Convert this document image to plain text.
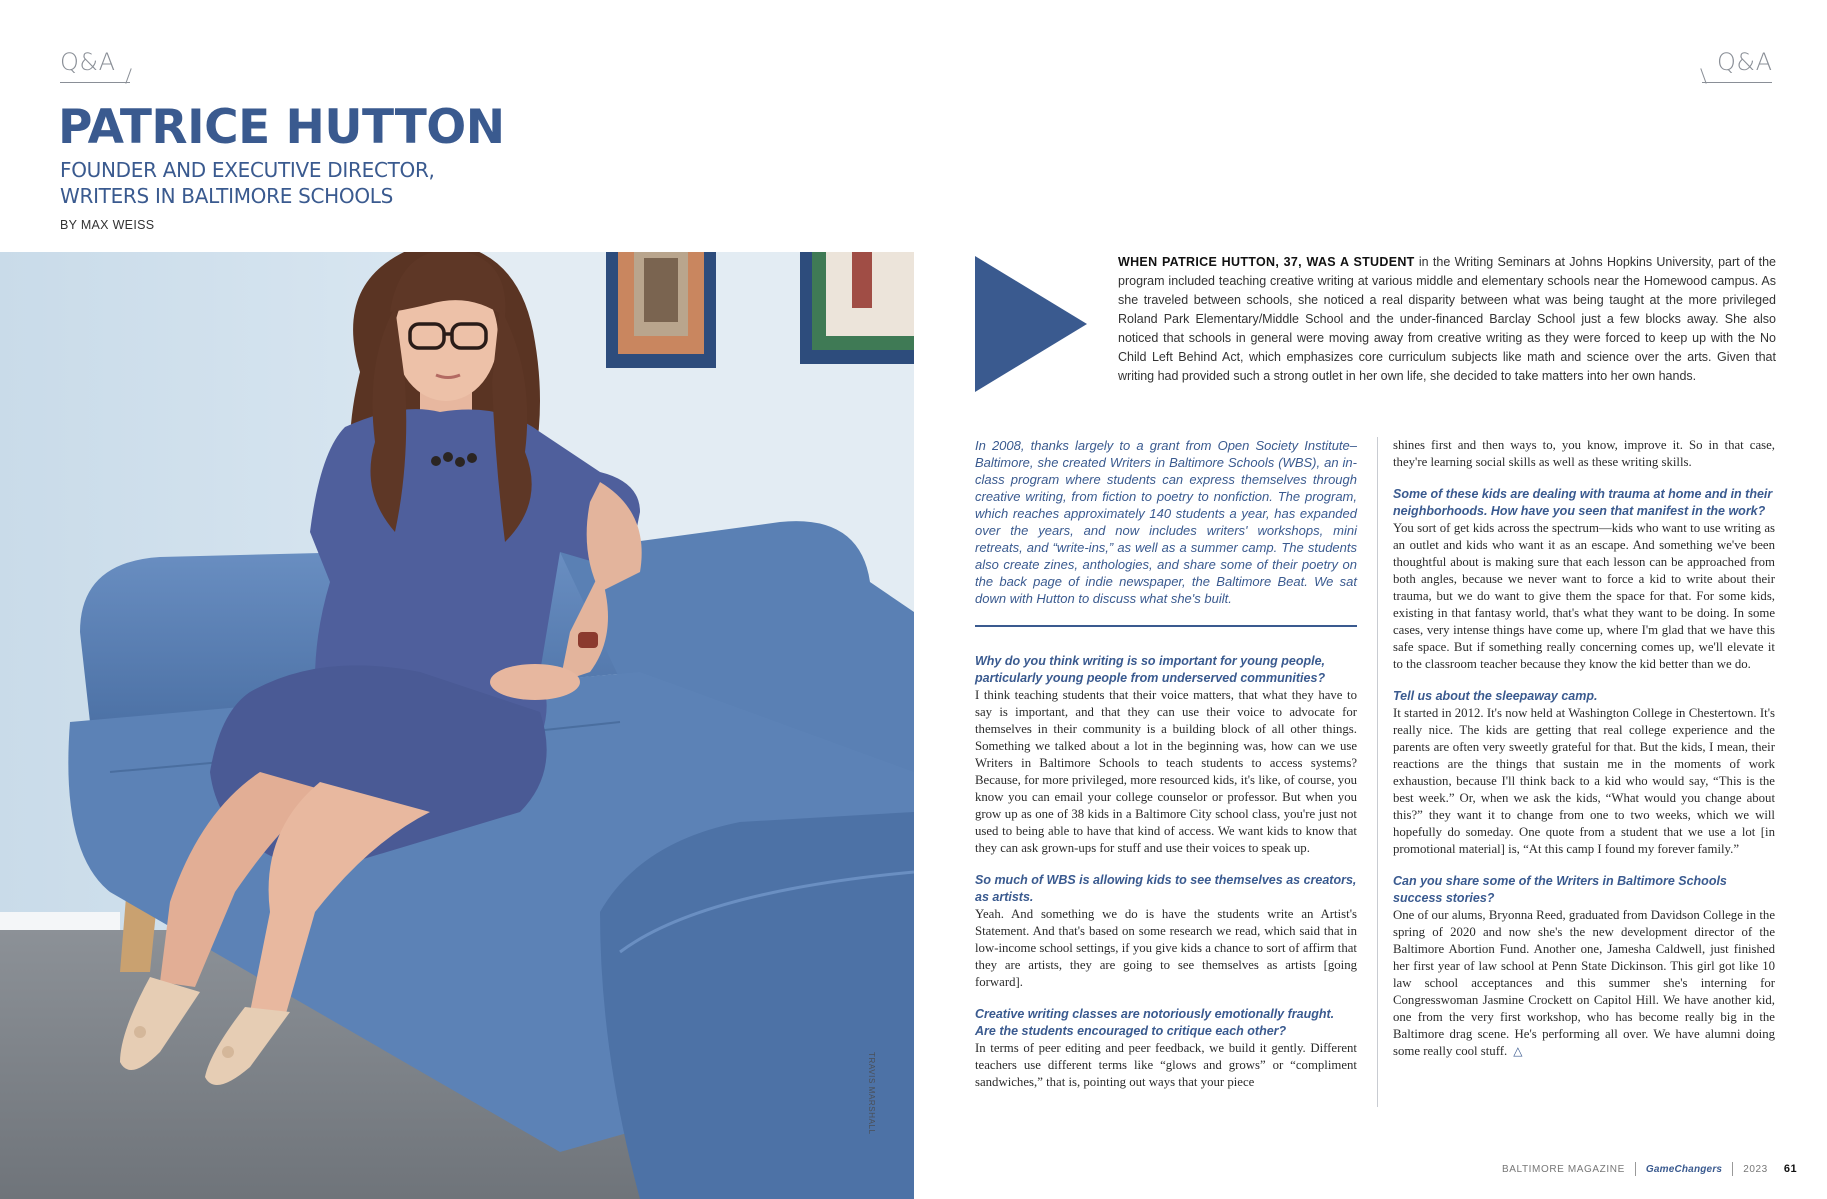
Q&A	Q&A
PATRICE HUTTON
FOUNDER AND EXECUTIVE DIRECTOR,
WRITERS IN BALTIMORE SCHOOLS
BY MAX WEISS
TRAVIS MARSHALL

WHEN PATRICE HUTTON, 37, WAS A STUDENT in the Writing Seminars at Johns Hopkins University, part of the program included teaching creative writing at various middle and elementary schools near the Homewood campus. As she traveled between schools, she noticed a real disparity between what was being taught at the more privileged Roland Park Elementary/Middle School and the under-financed Barclay School just a few blocks away. She also noticed that schools in general were moving away from creative writing as they were forced to keep up with the No Child Left Behind Act, which emphasizes core curriculum subjects like math and science over the arts. Given that writing had provided such a strong outlet in her own life, she decided to take matters into her own hands.

In 2008, thanks largely to a grant from Open Society Institute–Baltimore, she created Writers in Baltimore Schools (WBS), an in-class program where students can express themselves through creative writing, from fiction to poetry to nonfiction. The program, which reaches approximately 140 students a year, has expanded over the years, and now includes writers' workshops, mini retreats, and “write-ins,” as well as a summer camp. The students also create zines, anthologies, and share some of their poetry on the back page of indie newspaper, the Baltimore Beat. We sat down with Hutton to discuss what she's built.

Why do you think writing is so important for young people, particularly young people from underserved communities?

I think teaching students that their voice matters, that what they have to say is important, and that they can use their voice to advocate for themselves in their community is a building block of all other things. Something we talked about a lot in the beginning was, how can we use Writers in Baltimore Schools to teach students to access systems? Because, for more privileged, more resourced kids, it's like, of course, you know you can email your college counselor or professor. But when you grow up as one of 38 kids in a Baltimore City school class, you're just not used to being able to have that kind of access. We want kids to know that they can ask grown-ups for stuff and use their voices to speak up.

So much of WBS is allowing kids to see themselves as creators, as artists.

Yeah. And something we do is have the students write an Artist's Statement. And that's based on some research we read, which said that in low-income school settings, if you give kids a chance to sort of affirm that they are artists, they are going to see themselves as artists [going forward].

Creative writing classes are notoriously emotionally fraught. Are the students encouraged to critique each other?

In terms of peer editing and peer feedback, we build it gently. Different teachers use different terms like “glows and grows” or “compliment sandwiches,” that is, pointing out ways that your piece

shines first and then ways to, you know, improve it. So in that case, they're learning social skills as well as these writing skills.

Some of these kids are dealing with trauma at home and in their neighborhoods. How have you seen that manifest in the work?

You sort of get kids across the spectrum—kids who want to use writing as an outlet and kids who want it as an escape. And something we've been thoughtful about is making sure that each lesson can be approached from both angles, because we never want to force a kid to write about their trauma, but we do want to give them the space for that. For some kids, existing in that fantasy world, that's what they want to be doing. In some cases, very intense things have come up, where I'm glad that we have this safe space. But if something really concerning comes up, we'll elevate it to the classroom teacher because they know the kid better than we do.

Tell us about the sleepaway camp.

It started in 2012. It's now held at Washington College in Chestertown. It's really nice. The kids are getting that real college experience and the parents are often very sweetly grateful for that. But the kids, I mean, their reactions are the things that sustain me in the moments of work exhaustion, because I'll think back to a kid who would say, “This is the best week.” Or, when we ask the kids, “What would you change about this?” they want it to change from one to two weeks, which we will hopefully do someday. One quote from a student that we use a lot [in promotional material] is, “At this camp I found my forever family.”

Can you share some of the Writers in Baltimore Schools success stories?

One of our alums, Bryonna Reed, graduated from Davidson College in the spring of 2020 and now she's the new development director of the Baltimore Abortion Fund. Another one, Jamesha Caldwell, just finished her first year of law school at Penn State Dickinson. This girl got like 10 law school acceptances and this summer she's interning for Congresswoman Jasmine Crockett on Capitol Hill. We have another kid, one from the very first workshop, who has become really big in the Baltimore drag scene. He's performing all over. We have alumni doing some really cool stuff. △

BALTIMORE MAGAZINE GameChangers 2023 61
